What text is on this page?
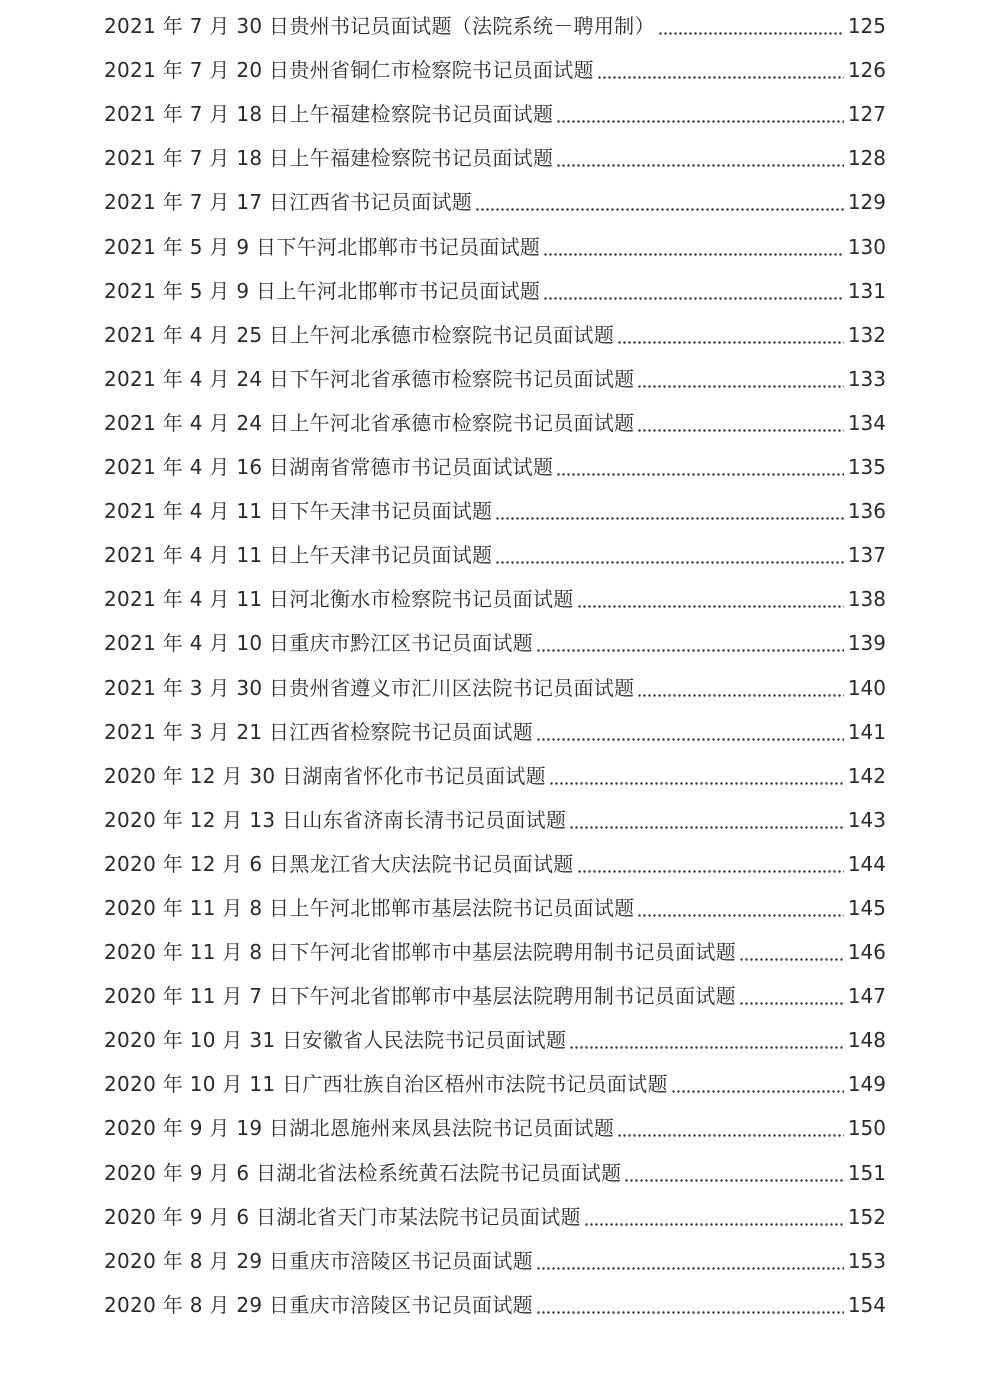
2021 年 7 月 30 日贵州书记员面试题（法院系统－聘用制）	125
2021 年 7 月 20 日贵州省铜仁市检察院书记员面试题	126
2021 年 7 月 18 日上午福建检察院书记员面试题	127
2021 年 7 月 18 日上午福建检察院书记员面试题	128
2021 年 7 月 17 日江西省书记员面试题	129
2021 年 5 月 9 日下午河北邯郸市书记员面试题	130
2021 年 5 月 9 日上午河北邯郸市书记员面试题	131
2021 年 4 月 25 日上午河北承德市检察院书记员面试题	132
2021 年 4 月 24 日下午河北省承德市检察院书记员面试题	133
2021 年 4 月 24 日上午河北省承德市检察院书记员面试题	134
2021 年 4 月 16 日湖南省常德市书记员面试试题	135
2021 年 4 月 11 日下午天津书记员面试题	136
2021 年 4 月 11 日上午天津书记员面试题	137
2021 年 4 月 11 日河北衡水市检察院书记员面试题	138
2021 年 4 月 10 日重庆市黔江区书记员面试题	139
2021 年 3 月 30 日贵州省遵义市汇川区法院书记员面试题	140
2021 年 3 月 21 日江西省检察院书记员面试题	141
2020 年 12 月 30 日湖南省怀化市书记员面试题	142
2020 年 12 月 13 日山东省济南长清书记员面试题	143
2020 年 12 月 6 日黑龙江省大庆法院书记员面试题	144
2020 年 11 月 8 日上午河北邯郸市基层法院书记员面试题	145
2020 年 11 月 8 日下午河北省邯郸市中基层法院聘用制书记员面试题	146
2020 年 11 月 7 日下午河北省邯郸市中基层法院聘用制书记员面试题	147
2020 年 10 月 31 日安徽省人民法院书记员面试题	148
2020 年 10 月 11 日广西壮族自治区梧州市法院书记员面试题	149
2020 年 9 月 19 日湖北恩施州来凤县法院书记员面试题	150
2020 年 9 月 6 日湖北省法检系统黄石法院书记员面试题	151
2020 年 9 月 6 日湖北省天门市某法院书记员面试题	152
2020 年 8 月 29 日重庆市涪陵区书记员面试题	153
2020 年 8 月 29 日重庆市涪陵区书记员面试题	154
